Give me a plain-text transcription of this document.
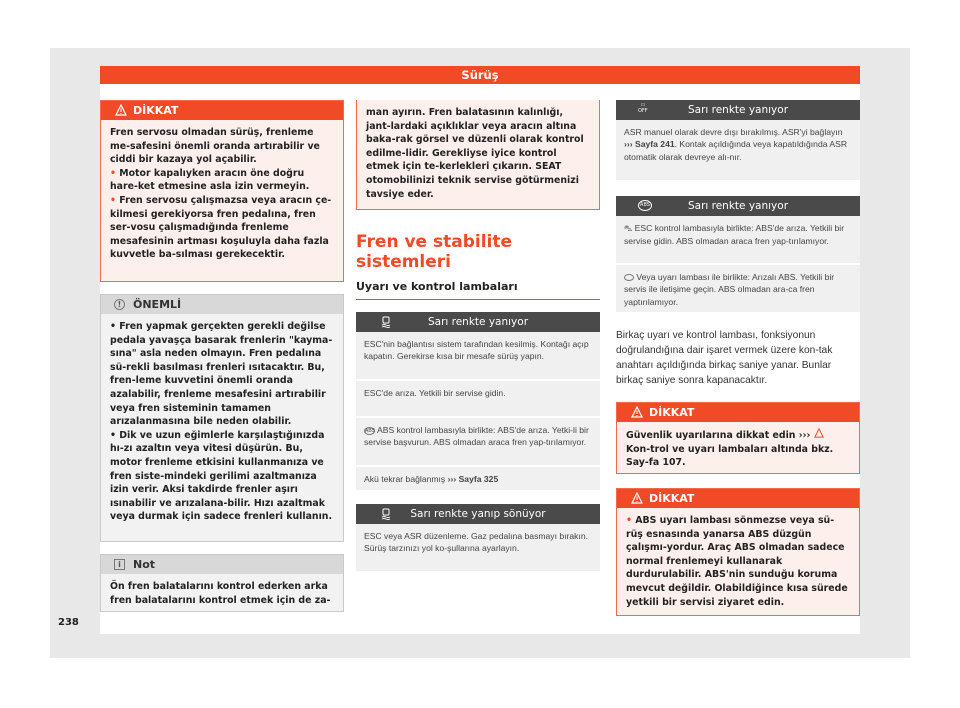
Sürüş
238
DİKKAT

Fren servosu olmadan sürüş, frenleme me-safesini önemli oranda artırabilir ve ciddi bir kazaya yol açabilir.

• Motor kapalıyken aracın öne doğru hare-ket etmesine asla izin vermeyin.

• Fren servosu çalışmazsa veya aracın çe-kilmesi gerekiyorsa fren pedalına, fren ser-vosu çalışmadığında frenleme mesafesinin artması koşuluyla daha fazla kuvvetle ba-sılması gerekecektir.

!	ÖNEMLİ

• Fren yapmak gerçekten gerekli değilse pedala yavaşça basarak frenlerin "kayma-sına" asla neden olmayın. Fren pedalına sü-rekli basılması frenleri ısıtacaktır. Bu, fren-leme kuvvetini önemli oranda azalabilir, frenleme mesafesini artırabilir veya fren sisteminin tamamen arızalanmasına bile neden olabilir.

• Dik ve uzun eğimlerle karşılaştığınızda hı-zı azaltın veya vitesi düşürün. Bu, motor frenleme etkisini kullanmanıza ve fren siste-mindeki gerilimi azaltmanıza izin verir. Aksi takdirde frenler aşırı ısınabilir ve arızalana-bilir. Hızı azaltmak veya durmak için sadece frenleri kullanın.

i	Not
Ön fren balatalarını kontrol ederken arka fren balatalarını kontrol etmek için de za-
man ayırın. Fren balatasının kalınlığı, jant-lardaki açıklıklar veya aracın altına baka-rak görsel ve düzenli olarak kontrol edilme-lidir. Gerekliyse iyice kontrol etmek için te-kerlekleri çıkarın. SEAT otomobilinizi teknik servise götürmenizi tavsiye eder.
Fren ve stabilite sistemleri
Uyarı ve kontrol lambaları
Sarı renkte yanıyor
ESC'nin bağlantısı sistem tarafından kesilmiş. Kontağı açıp kapatın. Gerekirse kısa bir mesafe sürüş yapın.
ESC'de arıza. Yetkili bir servise gidin.
ABS ABS kontrol lambasıyla birlikte: ABS'de arıza. Yetki-li bir servise başvurun. ABS olmadan araca fren yap-tırılamıyor.
Akü tekrar bağlanmış ››› Sayfa 325
Sarı renkte yanıp sönüyor
ESC veya ASR düzenleme. Gaz pedalına basmayı bırakın. Sürüş tarzınızı yol ko-şullarına ayarlayın.
▭
OFF	Sarı renkte yanıyor
ASR manuel olarak devre dışı bırakılmış. ASR'yi bağlayın ››› Sayfa 241. Kontak açıldığında veya kapatıldığında ASR otomatik olarak devreye alı-nır.
ABS	Sarı renkte yanıyor
⛍ ESC kontrol lambasıyla birlikte: ABS'de arıza. Yetkili bir servise gidin. ABS olmadan araca fren yap-tırılamıyor.
Veya uyarı lambası ile birlikte: Arızalı ABS. Yetkili bir servis ile iletişime geçin. ABS olmadan ara-ca fren yaptırılamıyor.

Birkaç uyarı ve kontrol lambası, fonksiyonun doğrulandığına dair işaret vermek üzere kon-tak anahtarı açıldığında birkaç saniye yanar. Bunlar birkaç saniye sonra kapanacaktır.

DİKKAT
Güvenlik uyarılarına dikkat edin ›››  Kon-trol ve uyarı lambaları altında bkz. Say-fa 107.
DİKKAT
• ABS uyarı lambası sönmezse veya sü-rüş esnasında yanarsa ABS düzgün çalışmı-yordur. Araç ABS olmadan sadece normal frenlemeyi kullanarak durdurulabilir. ABS'nin sunduğu koruma mevcut değildir. Olabildiğince kısa sürede yetkili bir servisi ziyaret edin.
